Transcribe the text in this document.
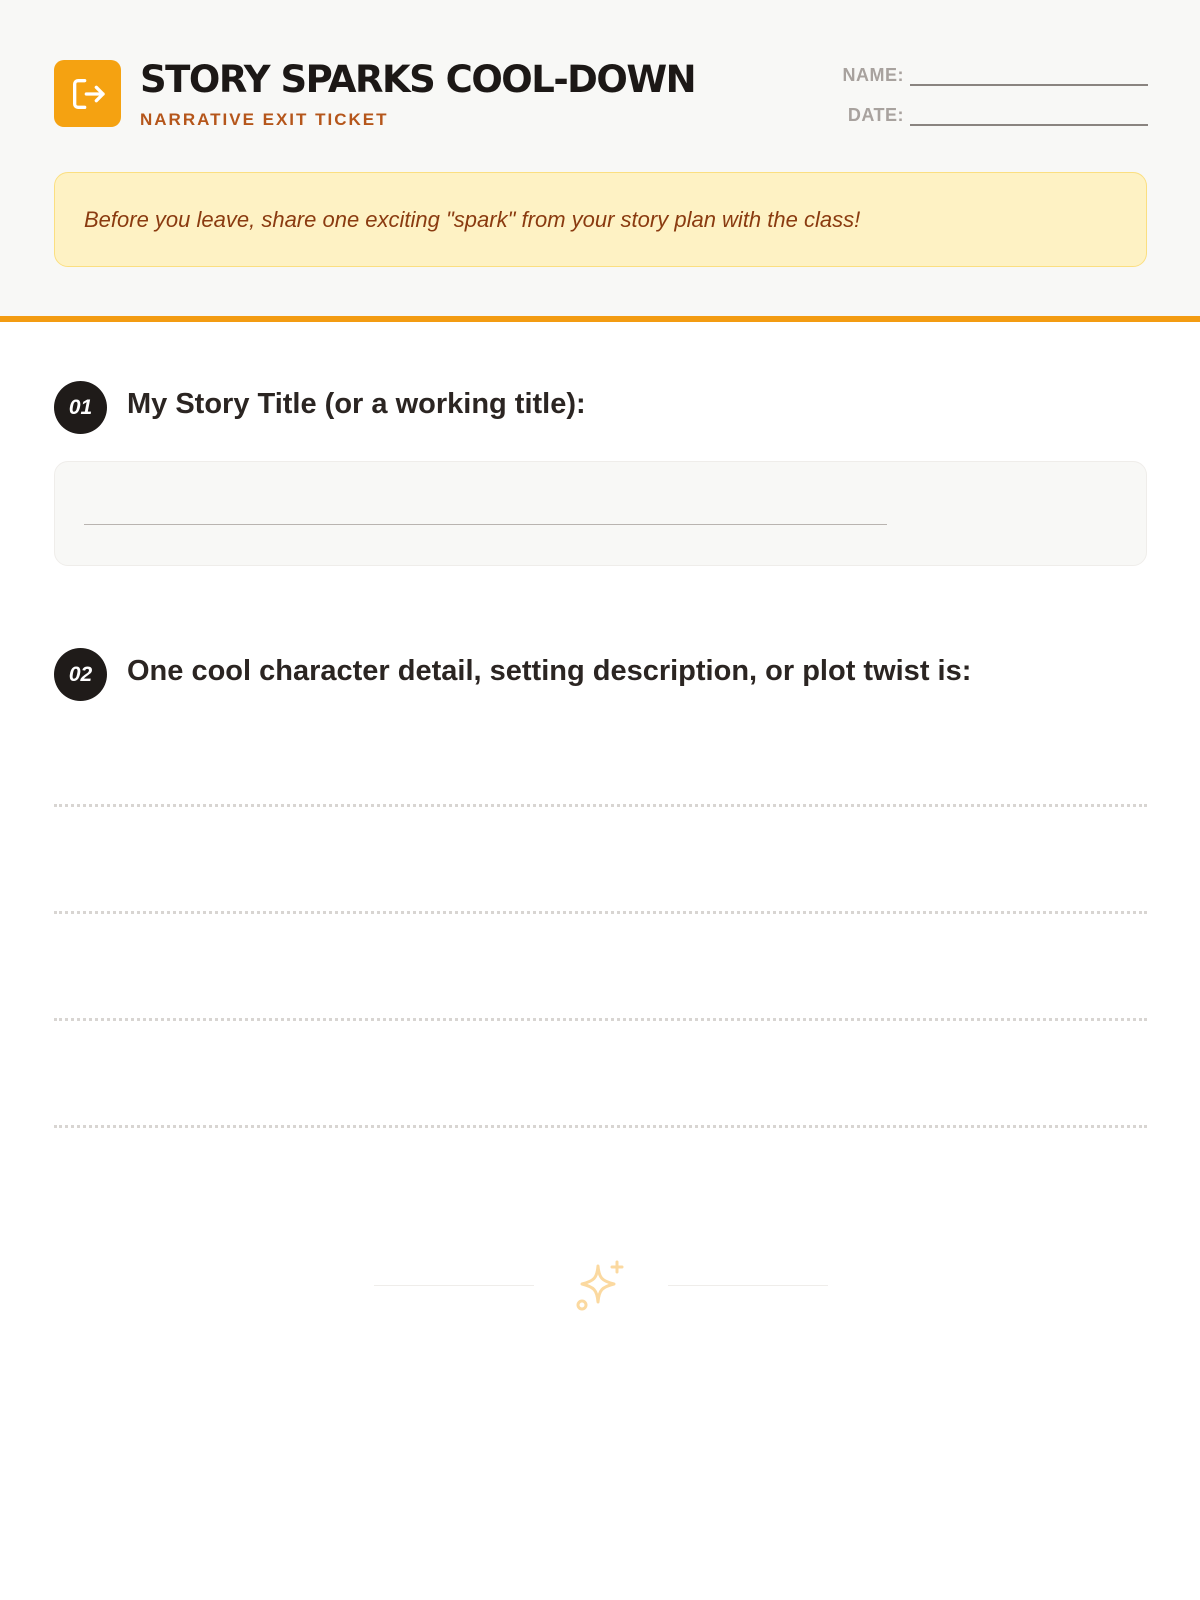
STORY SPARKS COOL-DOWN
NARRATIVE EXIT TICKET
NAME:
DATE:
Before you leave, share one exciting "spark" from your story plan with the class!
01	My Story Title (or a working title):
02	One cool character detail, setting description, or plot twist is:
